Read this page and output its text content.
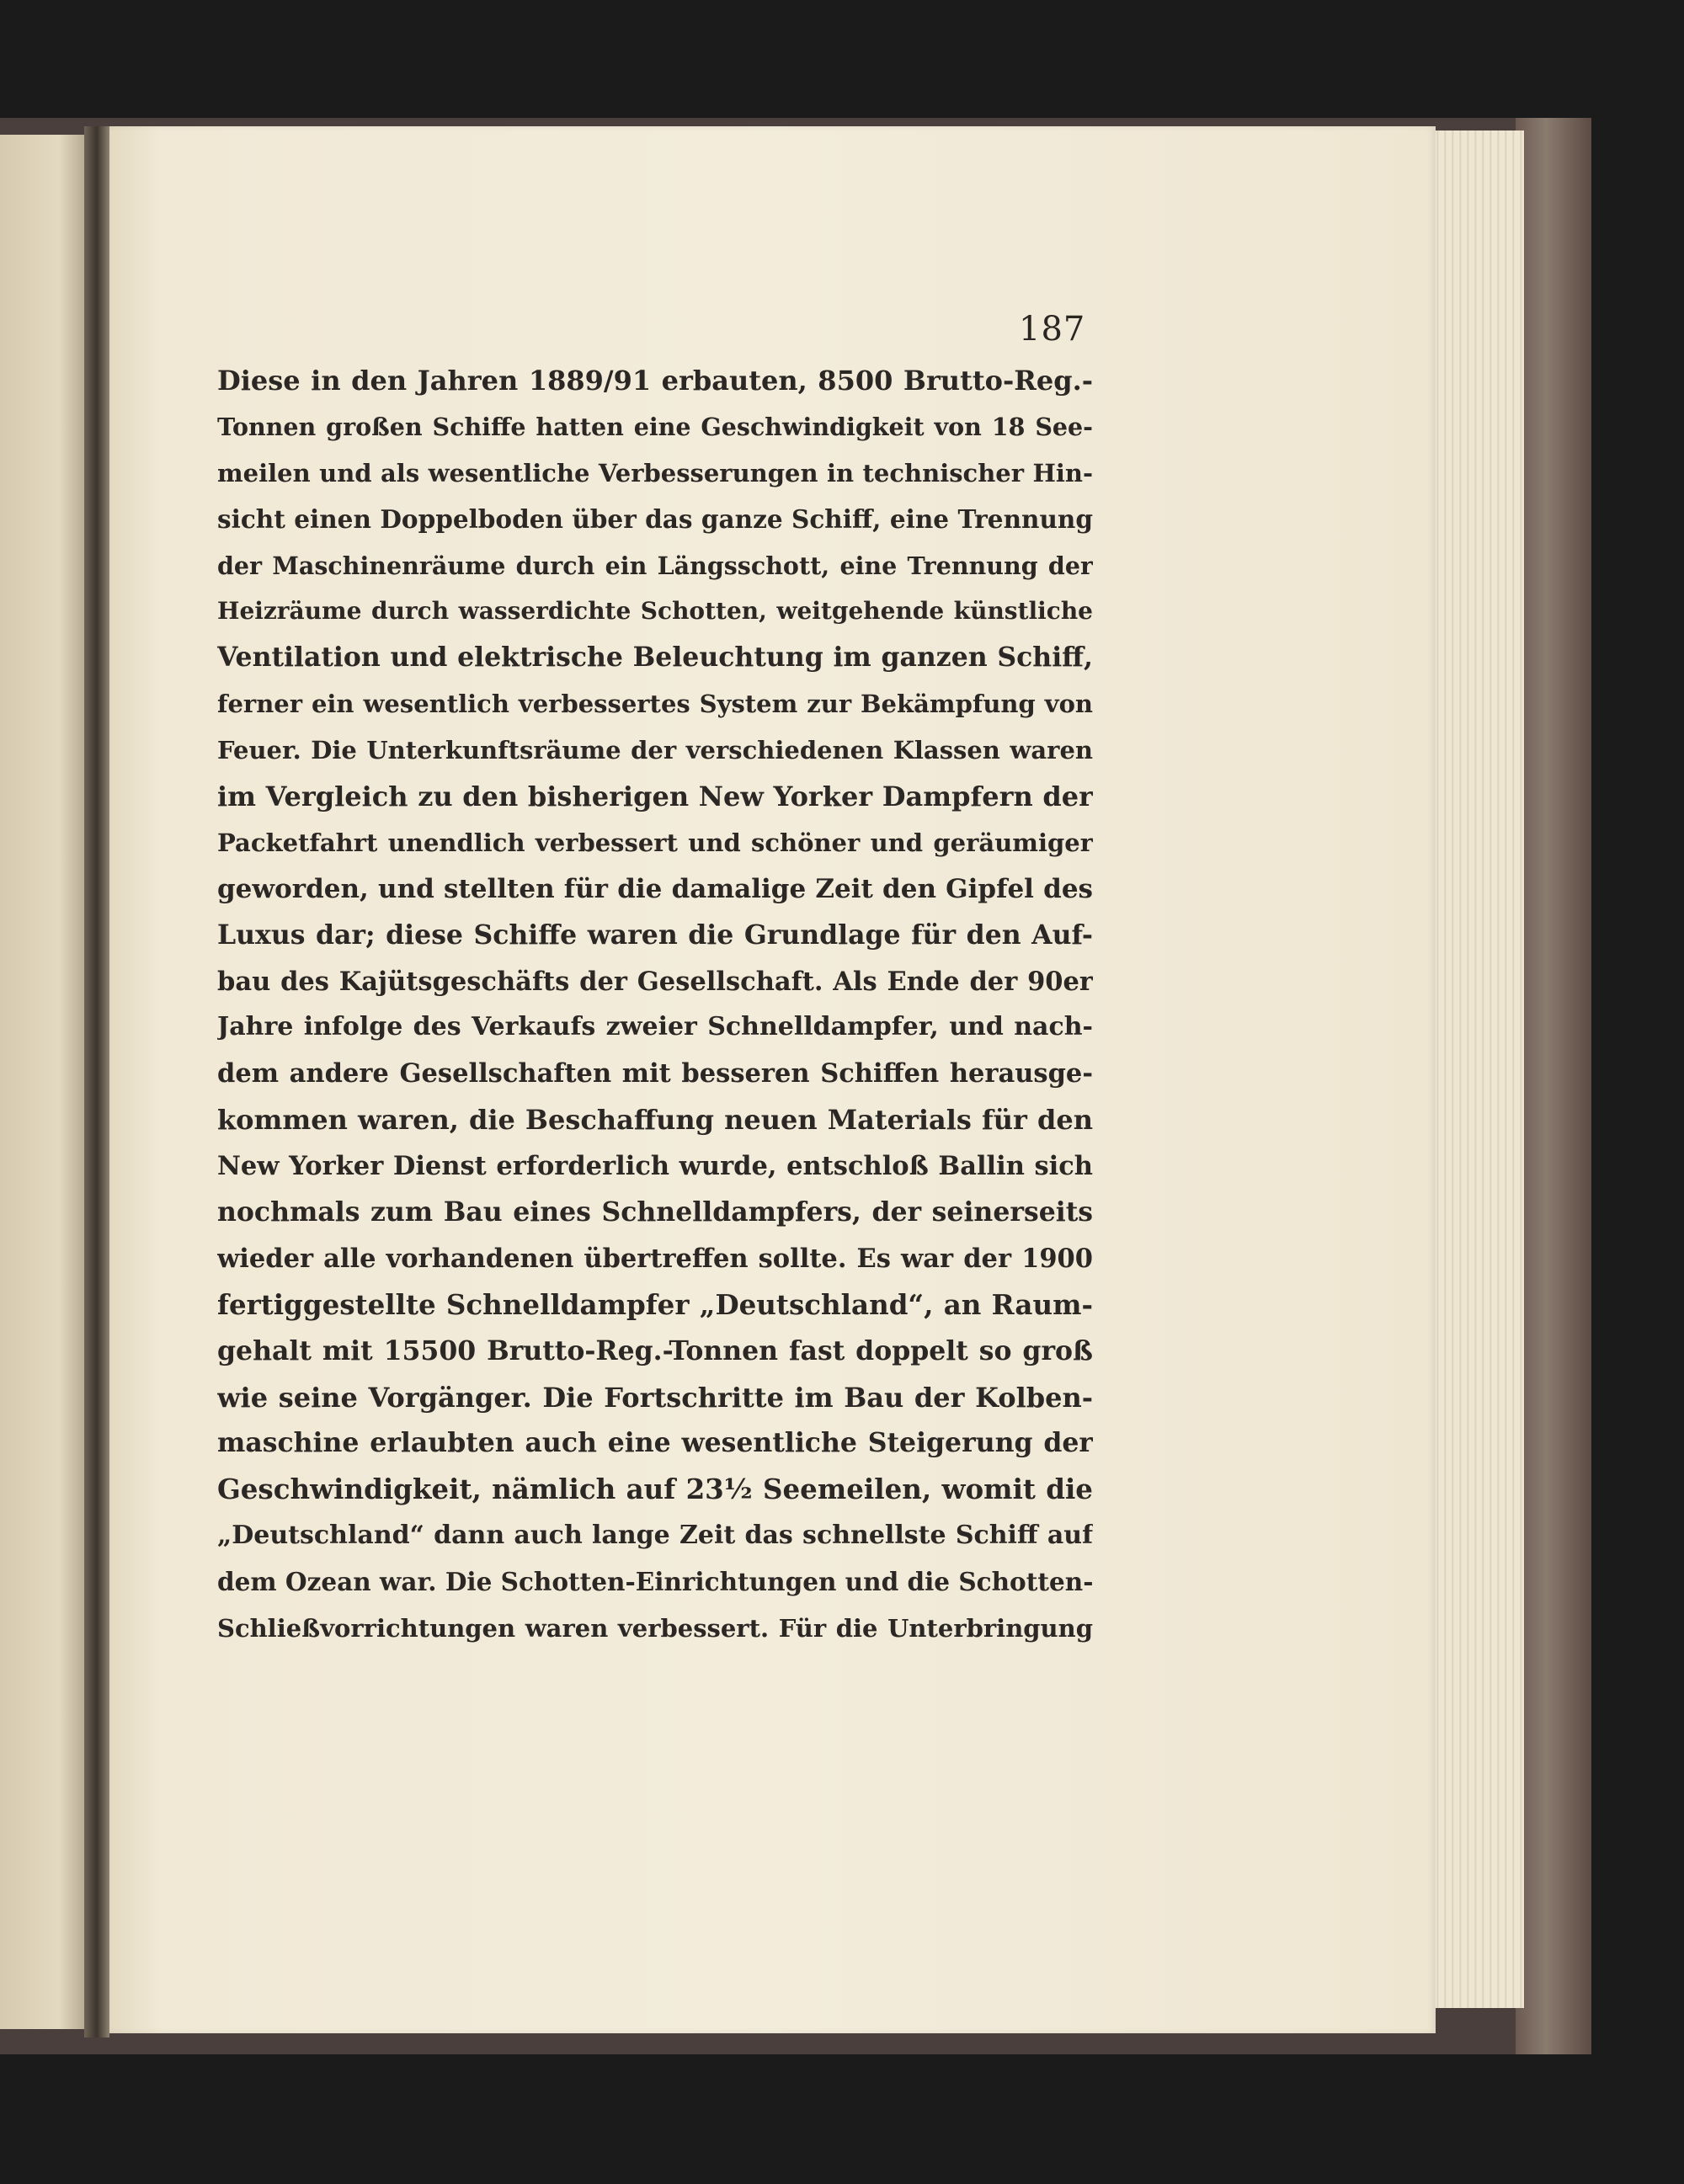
187
Diese in den Jahren 1889/91 erbauten, 8500 Brutto-Reg.-
Tonnen großen Schiffe hatten eine Geschwindigkeit von 18 See-
meilen und als wesentliche Verbesserungen in technischer Hin-
sicht einen Doppelboden über das ganze Schiff, eine Trennung
der Maschinenräume durch ein Längsschott, eine Trennung der
Heizräume durch wasserdichte Schotten, weitgehende künstliche
Ventilation und elektrische Beleuchtung im ganzen Schiff,
ferner ein wesentlich verbessertes System zur Bekämpfung von
Feuer. Die Unterkunftsräume der verschiedenen Klassen waren
im Vergleich zu den bisherigen New Yorker Dampfern der
Packetfahrt unendlich verbessert und schöner und geräumiger
geworden, und stellten für die damalige Zeit den Gipfel des
Luxus dar; diese Schiffe waren die Grundlage für den Auf-
bau des Kajütsgeschäfts der Gesellschaft. Als Ende der 90er
Jahre infolge des Verkaufs zweier Schnelldampfer, und nach-
dem andere Gesellschaften mit besseren Schiffen herausge-
kommen waren, die Beschaffung neuen Materials für den
New Yorker Dienst erforderlich wurde, entschloß Ballin sich
nochmals zum Bau eines Schnelldampfers, der seinerseits
wieder alle vorhandenen übertreffen sollte. Es war der 1900
fertiggestellte Schnelldampfer „Deutschland“, an Raum-
gehalt mit 15500 Brutto-Reg.-Tonnen fast doppelt so groß
wie seine Vorgänger. Die Fortschritte im Bau der Kolben-
maschine erlaubten auch eine wesentliche Steigerung der
Geschwindigkeit, nämlich auf 23½ Seemeilen, womit die
„Deutschland“ dann auch lange Zeit das schnellste Schiff auf
dem Ozean war. Die Schotten-Einrichtungen und die Schotten-
Schließvorrichtungen waren verbessert. Für die Unterbringung
